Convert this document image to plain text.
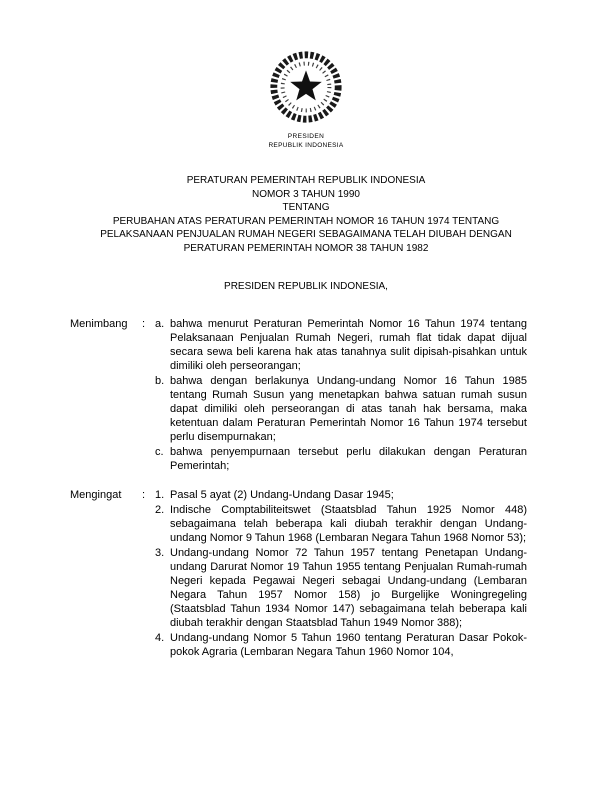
PRESIDEN
REPUBLIK INDONESIA
PERATURAN PEMERINTAH REPUBLIK INDONESIA
NOMOR 3 TAHUN 1990
TENTANG
PERUBAHAN ATAS PERATURAN PEMERINTAH NOMOR 16 TAHUN 1974 TENTANG
PELAKSANAAN PENJUALAN RUMAH NEGERI SEBAGAIMANA TELAH DIUBAH DENGAN
PERATURAN PEMERINTAH NOMOR 38 TAHUN 1982
PRESIDEN REPUBLIK INDONESIA,
Menimbang	: a. bahwa menurut Peraturan Pemerintah Nomor 16 Tahun 1974 tentang Pelaksanaan Penjualan Rumah Negeri, rumah flat tidak dapat dijual secara sewa beli karena hak atas tanahnya sulit dipisah-pisahkan untuk dimiliki oleh perseorangan;
b. bahwa dengan berlakunya Undang-undang Nomor 16 Tahun 1985 tentang Rumah Susun yang menetapkan bahwa satuan rumah susun dapat dimiliki oleh perseorangan di atas tanah hak bersama, maka ketentuan dalam Peraturan Pemerintah Nomor 16 Tahun 1974 tersebut perlu disempurnakan;
c. bahwa penyempurnaan tersebut perlu dilakukan dengan Peraturan Pemerintah;
Mengingat	: 1. Pasal 5 ayat (2) Undang-Undang Dasar 1945;
2. Indische Comptabiliteitswet (Staatsblad Tahun 1925 Nomor 448) sebagaimana telah beberapa kali diubah terakhir dengan Undang-undang Nomor 9 Tahun 1968 (Lembaran Negara Tahun 1968 Nomor 53);
3. Undang-undang Nomor 72 Tahun 1957 tentang Penetapan Undang-undang Darurat Nomor 19 Tahun 1955 tentang Penjualan Rumah-rumah Negeri kepada Pegawai Negeri sebagai Undang-undang (Lembaran Negara Tahun 1957 Nomor 158) jo Burgelijke Woningregeling (Staatsblad Tahun 1934 Nomor 147) sebagaimana telah beberapa kali diubah terakhir dengan Staatsblad Tahun 1949 Nomor 388);
4. Undang-undang Nomor 5 Tahun 1960 tentang Peraturan Dasar Pokok- pokok Agraria (Lembaran Negara Tahun 1960 Nomor 104,
